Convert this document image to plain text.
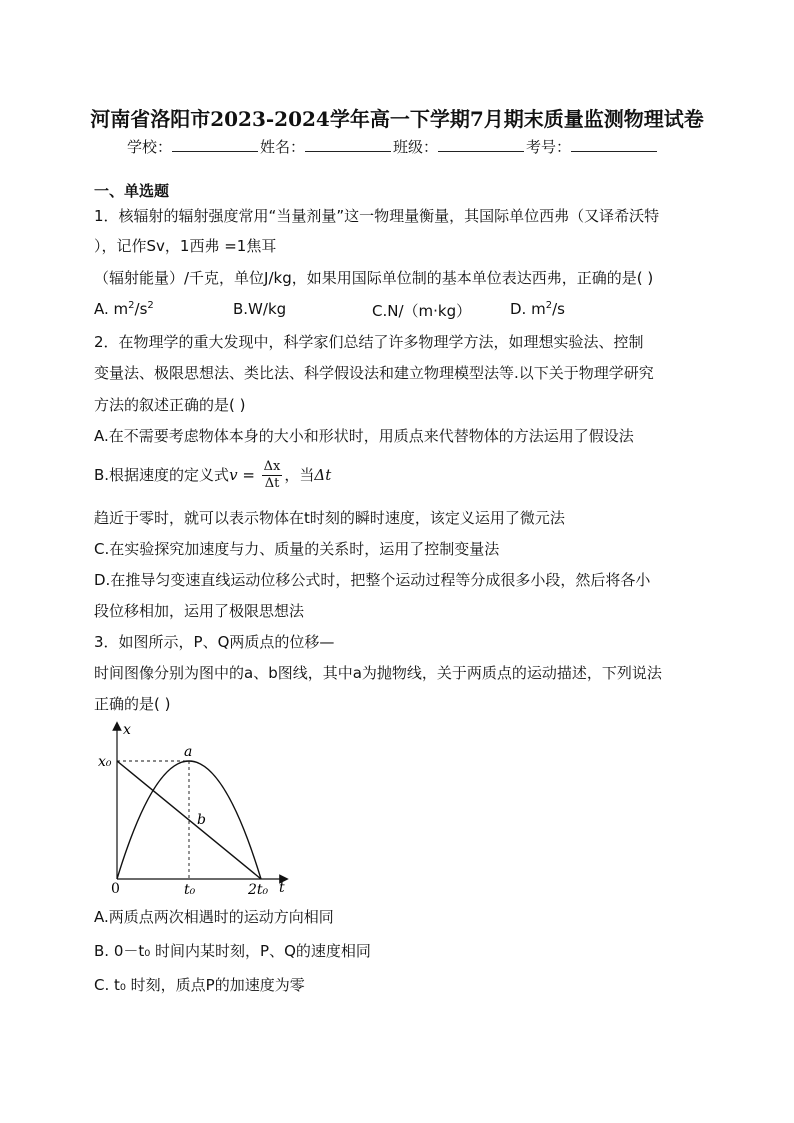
河南省洛阳市2023-2024学年高一下学期7月期末质量监测物理试卷
学校：	姓名：	班级：	考号：
一、单选题
1．核辐射的辐射强度常用“当量剂量”这一物理量衡量，其国际单位西弗（又译希沃特
），记作Sv，1西弗 =1焦耳
（辐射能量）/千克，单位J/kg，如果用国际单位制的基本单位表达西弗，正确的是( )
A. $m^2/s^2$	B.W/kg	C.N/（m·kg）	D. $m^2/s$
2．在物理学的重大发现中，科学家们总结了许多物理学方法，如理想实验法、控制
变量法、极限思想法、类比法、科学假设法和建立物理模型法等.以下关于物理学研究
方法的叙述正确的是( )
A.在不需要考虑物体本身的大小和形状时，用质点来代替物体的方法运用了假设法
B.根据速度的定义式$v = \frac{\Delta x}{\Delta t}$ ，当Δt
趋近于零时，就可以表示物体在t时刻的瞬时速度，该定义运用了微元法
C.在实验探究加速度与力、质量的关系时，运用了控制变量法
D.在推导匀变速直线运动位移公式时，把整个运动过程等分成很多小段，然后将各小
段位移相加，运用了极限思想法
3．如图所示，P、Q两质点的位移—
时间图像分别为图中的a、b图线，其中a为抛物线，关于两质点的运动描述，下列说法
正确的是( )
x
t
x₀
0	t₀	2t₀
a
b
A.两质点两次相遇时的运动方向相同
B. 0－t₀ 时间内某时刻，P、Q的速度相同
C. t₀ 时刻，质点P的加速度为零
